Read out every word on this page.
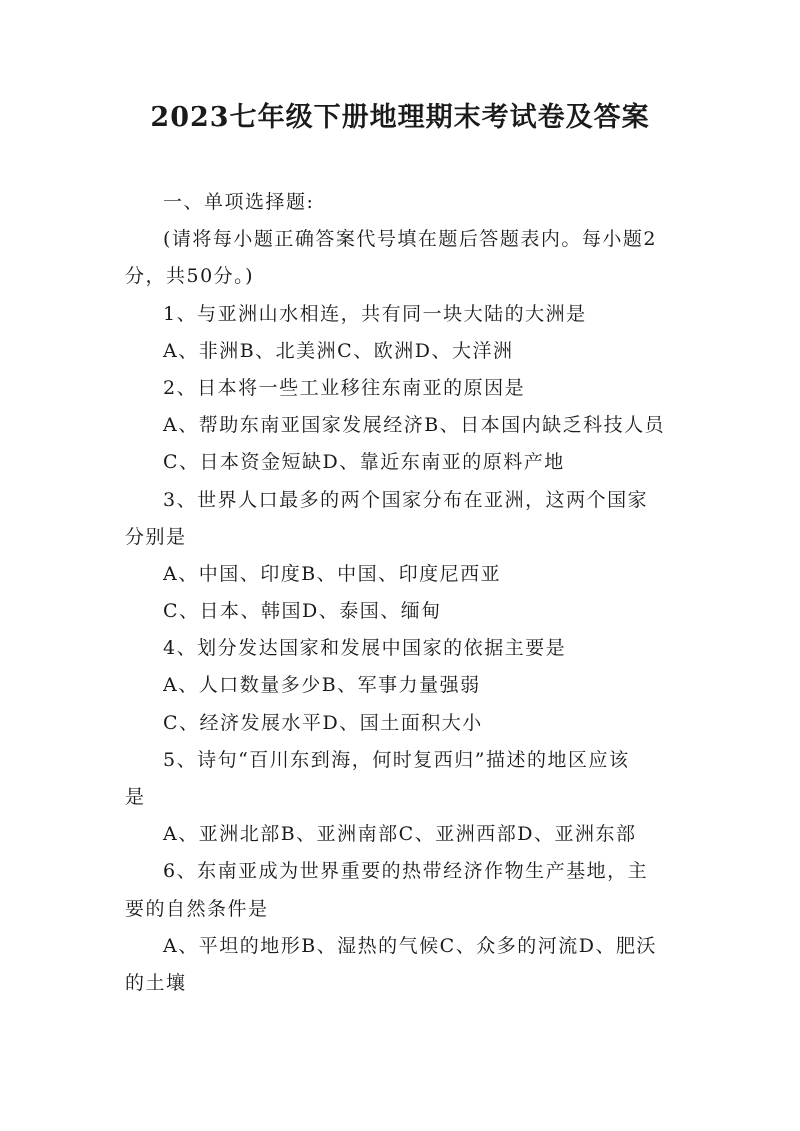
2023七年级下册地理期末考试卷及答案
一、单项选择题:
(请将每小题正确答案代号填在题后答题表内。每小题2
分，共50分。)
1、与亚洲山水相连，共有同一块大陆的大洲是
A、非洲B、北美洲C、欧洲D、大洋洲
2、日本将一些工业移往东南亚的原因是
A、帮助东南亚国家发展经济B、日本国内缺乏科技人员
C、日本资金短缺D、靠近东南亚的原料产地
3、世界人口最多的两个国家分布在亚洲，这两个国家
分别是
A、中国、印度B、中国、印度尼西亚
C、日本、韩国D、泰国、缅甸
4、划分发达国家和发展中国家的依据主要是
A、人口数量多少B、军事力量强弱
C、经济发展水平D、国土面积大小
5、诗句“百川东到海，何时复西归”描述的地区应该
是
A、亚洲北部B、亚洲南部C、亚洲西部D、亚洲东部
6、东南亚成为世界重要的热带经济作物生产基地，主
要的自然条件是
A、平坦的地形B、湿热的气候C、众多的河流D、肥沃
的土壤
